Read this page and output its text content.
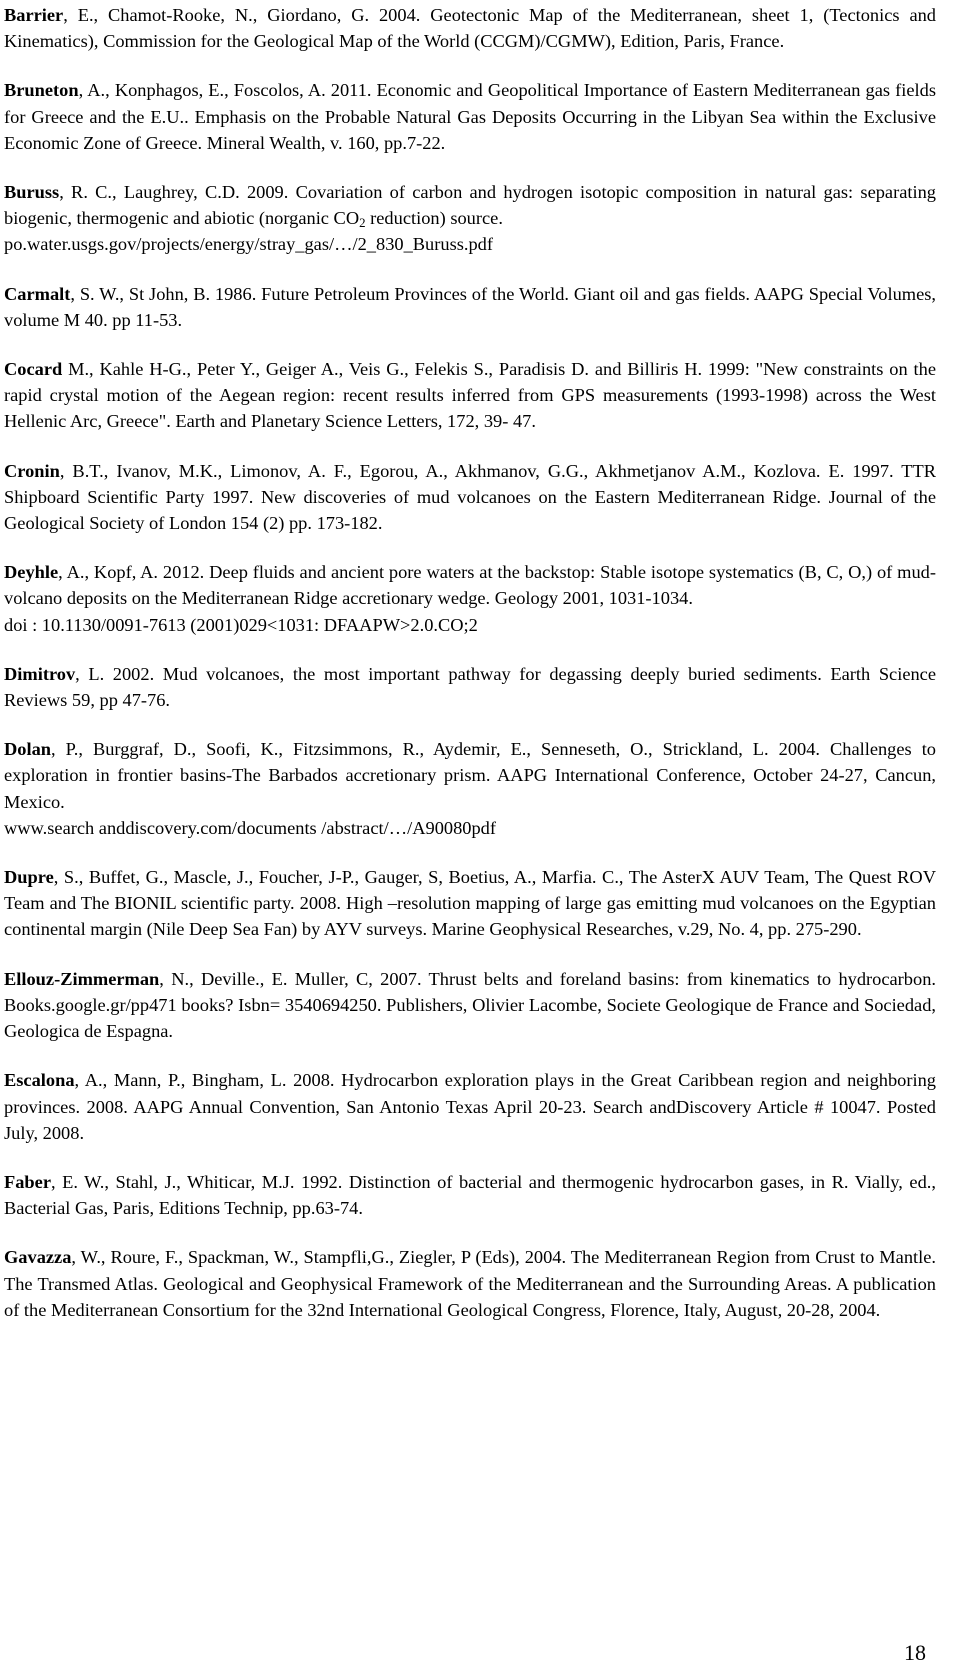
Barrier, E., Chamot-Rooke, N., Giordano, G. 2004. Geotectonic Map of the Mediterranean, sheet 1, (Tectonics and Kinematics), Commission for the Geological Map of the World (CCGM)/CGMW), Edition, Paris, France.

Bruneton, A., Konphagos, E., Foscolos, A. 2011. Economic and Geopolitical Importance of Eastern Mediterranean gas fields for Greece and the E.U.. Emphasis on the Probable Natural Gas Deposits Occurring in the Libyan Sea within the Exclusive Economic Zone of Greece. Mineral Wealth, v. 160, pp.7-22.

Buruss, R. C., Laughrey, C.D. 2009. Covariation of carbon and hydrogen isotopic composition in natural gas: separating biogenic, thermogenic and abiotic (norganic $CO_2$ reduction) source.
po.water.usgs.gov/projects/energy/stray_gas/…/2_830_Buruss.pdf

Carmalt, S. W., St John, B. 1986. Future Petroleum Provinces of the World. Giant oil and gas fields. AAPG Special Volumes, volume M 40. pp 11-53.

Cocard M., Kahle H-G., Peter Y., Geiger A., Veis G., Felekis S., Paradisis D. and Billiris H. 1999: "New constraints on the rapid crystal motion of the Aegean region: recent results inferred from GPS measurements (1993-1998) across the West Hellenic Arc, Greece". Earth and Planetary Science Letters, 172, 39- 47.

Cronin, B.T., Ivanov, M.K., Limonov, A. F., Egorou, A., Akhmanov, G.G., Akhmetjanov A.M., Kozlova. E. 1997. TTR Shipboard Scientific Party 1997. New discoveries of mud volcanoes on the Eastern Mediterranean Ridge. Journal of the Geological Society of London 154 (2) pp. 173-182.

Deyhle, A., Kopf, A. 2012. Deep fluids and ancient pore waters at the backstop: Stable isotope systematics (B, C, O,) of mud-volcano deposits on the Mediterranean Ridge accretionary wedge. Geology 2001, 1031-1034.
doi : 10.1130/0091-7613 (2001)029<1031: DFAAPW>2.0.CO;2

Dimitrov, L. 2002. Mud volcanoes, the most important pathway for degassing deeply buried sediments. Earth Science Reviews 59, pp 47-76.

Dolan, P., Burggraf, D., Soofi, K., Fitzsimmons, R., Aydemir, E., Senneseth, O., Strickland, L. 2004. Challenges to exploration in frontier basins-The Barbados accretionary prism. AAPG International Conference, October 24-27, Cancun, Mexico.
www.search anddiscovery.com/documents /abstract/…/A90080pdf

Dupre, S., Buffet, G., Mascle, J., Foucher, J-P., Gauger, S, Boetius, A., Marfia. C., The AsterX AUV Team, The Quest ROV Team and The BIONIL scientific party. 2008. High –resolution mapping of large gas emitting mud volcanoes on the Egyptian continental margin (Nile Deep Sea Fan) by AYV surveys. Marine Geophysical Researches, v.29, No. 4, pp. 275-290.

Ellouz-Zimmerman, N., Deville., E. Muller, C, 2007. Thrust belts and foreland basins: from kinematics to hydrocarbon. Books.google.gr/pp471 books? Isbn= 3540694250. Publishers, Olivier Lacombe, Societe Geologique de France and Sociedad, Geologica de Espagna.

Escalona, A., Mann, P., Bingham, L. 2008. Hydrocarbon exploration plays in the Great Caribbean region and neighboring provinces. 2008. AAPG Annual Convention, San Antonio Texas April 20-23. Search andDiscovery Article # 10047. Posted July, 2008.

Faber, E. W., Stahl, J., Whiticar, M.J. 1992. Distinction of bacterial and thermogenic hydrocarbon gases, in R. Vially, ed., Bacterial Gas, Paris, Editions Technip, pp.63-74.

Gavazza, W., Roure, F., Spackman, W., Stampfli,G., Ziegler, P (Eds), 2004. The Mediterranean Region from Crust to Mantle. The Transmed Atlas. Geological and Geophysical Framework of the Mediterranean and the Surrounding Areas. A publication of the Mediterranean Consortium for the 32nd International Geological Congress, Florence, Italy, August, 20-28, 2004.

18
